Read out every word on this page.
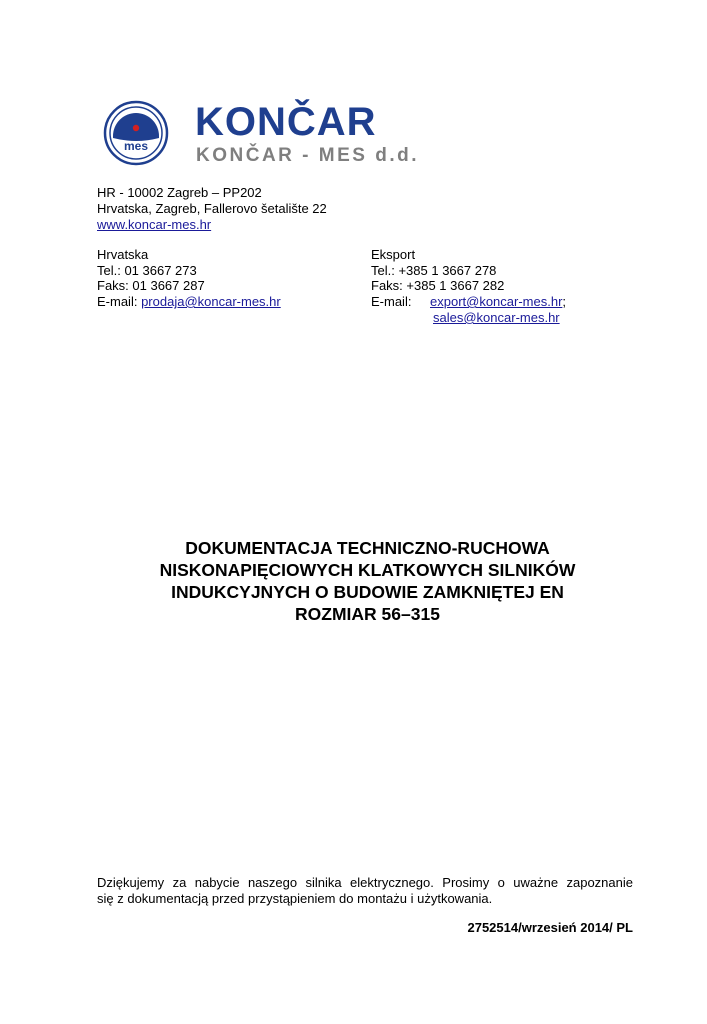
mes
KONČAR
KONČAR - MES d.d.
HR - 10002 Zagreb – PP202
Hrvatska, Zagreb, Fallerovo šetalište 22
www.koncar-mes.hr
Hrvatska
Tel.: 01 3667 273
Faks: 01 3667 287
E-mail: prodaja@koncar-mes.hr
Eksport
Tel.: +385 1 3667 278
Faks: +385 1 3667 282
E-mail: export@koncar-mes.hr;
sales@koncar-mes.hr
DOKUMENTACJA TECHNICZNO-RUCHOWA
NISKONAPIĘCIOWYCH KLATKOWYCH SILNIKÓW
INDUKCYJNYCH O BUDOWIE ZAMKNIĘTEJ EN
ROZMIAR 56–315
Dziękujemy za nabycie naszego silnika elektrycznego. Prosimy o uważne zapoznanie
się z dokumentacją przed przystąpieniem do montażu i użytkowania.
2752514/wrzesień 2014/ PL
